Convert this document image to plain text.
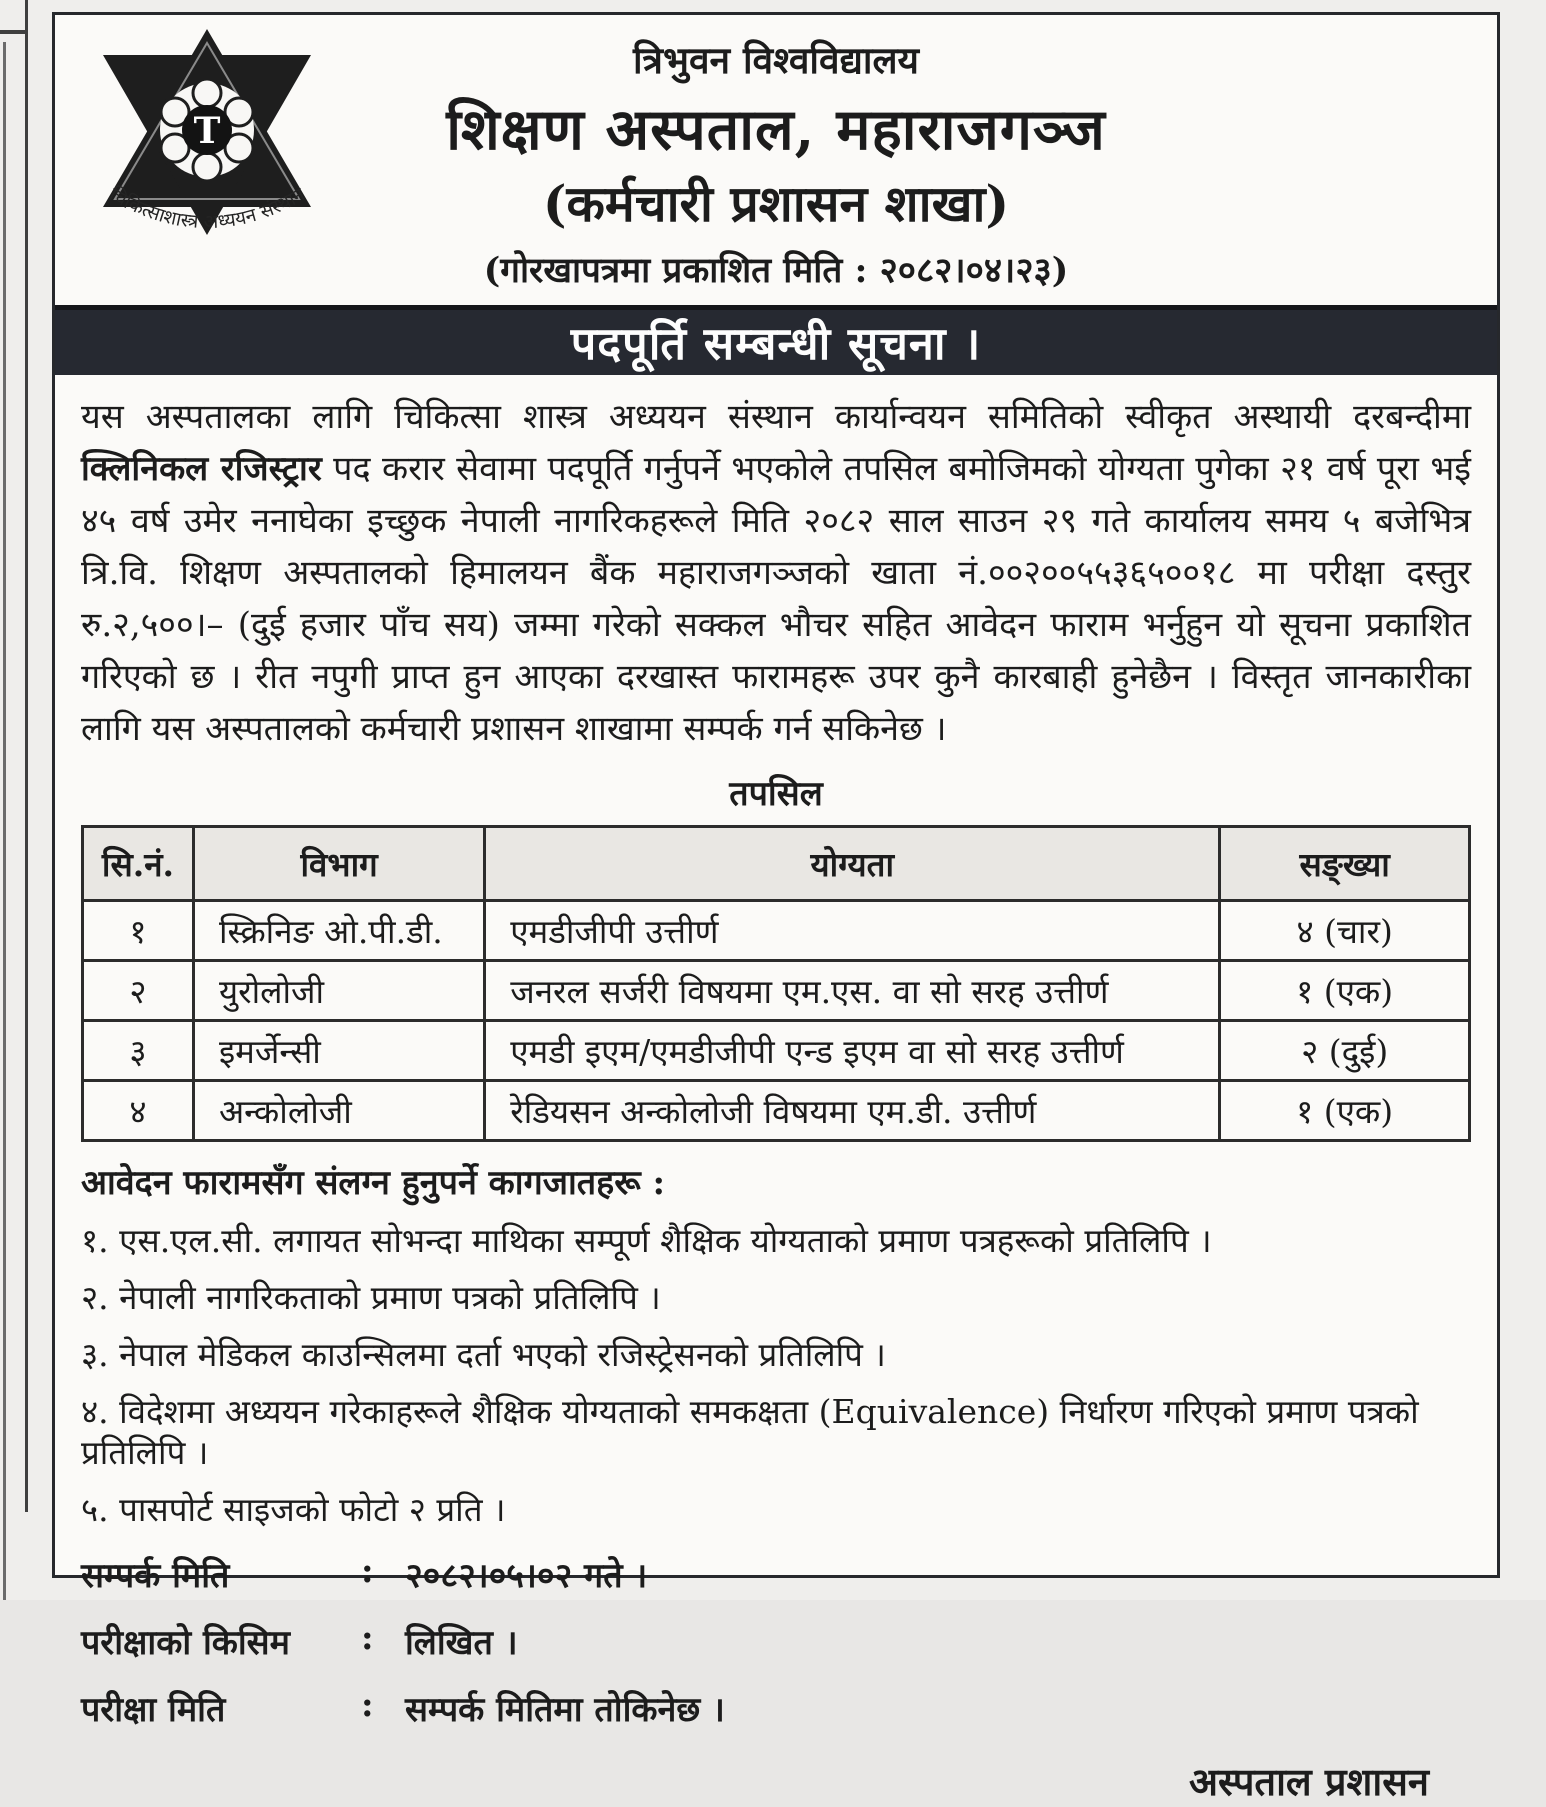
T
चिकित्साशास्त्र अध्ययन संस्थान
त्रिभुवन विश्वविद्यालय
शिक्षण अस्पताल, महाराजगञ्ज
(कर्मचारी प्रशासन शाखा)
(गोरखापत्रमा प्रकाशित मिति : २०८२।०४।२३)
पदपूर्ति सम्बन्धी सूचना ।
यस अस्पतालका लागि चिकित्सा शास्त्र अध्ययन संस्थान कार्यान्वयन समितिको स्वीकृत अस्थायी दरबन्दीमा क्लिनिकल रजिस्ट्रार पद करार सेवामा पदपूर्ति गर्नुपर्ने भएकोले तपसिल बमोजिमको योग्यता पुगेका २१ वर्ष पूरा भई ४५ वर्ष उमेर ननाघेका इच्छुक नेपाली नागरिकहरूले मिति २०८२ साल साउन २९ गते कार्यालय समय ५ बजेभित्र त्रि.वि. शिक्षण अस्पतालको हिमालयन बैंक महाराजगञ्जको खाता नं.००२००५५३६५००१८ मा परीक्षा दस्तुर रु.२,५००।– (दुई हजार पाँच सय) जम्मा गरेको सक्कल भौचर सहित आवेदन फाराम भर्नुहुन यो सूचना प्रकाशित गरिएको छ । रीत नपुगी प्राप्त हुन आएका दरखास्त फारामहरू उपर कुनै कारबाही हुनेछैन । विस्तृत जानकारीका लागि यस अस्पतालको कर्मचारी प्रशासन शाखामा सम्पर्क गर्न सकिनेछ ।
तपसिल
सि.नं.	विभाग	योग्यता	सङ्ख्या
१	स्क्रिनिङ ओ.पी.डी.	एमडीजीपी उत्तीर्ण	४ (चार)
२	युरोलोजी	जनरल सर्जरी विषयमा एम.एस. वा सो सरह उत्तीर्ण	१ (एक)
३	इमर्जेन्सी	एमडी इएम/एमडीजीपी एन्ड इएम वा सो सरह उत्तीर्ण	२ (दुई)
४	अन्कोलोजी	रेडियसन अन्कोलोजी विषयमा एम.डी. उत्तीर्ण	१ (एक)
आवेदन फारामसँग संलग्न हुनुपर्ने कागजातहरू :
१. एस.एल.सी. लगायत सोभन्दा माथिका सम्पूर्ण शैक्षिक योग्यताको प्रमाण पत्रहरूको प्रतिलिपि ।
२. नेपाली नागरिकताको प्रमाण पत्रको प्रतिलिपि ।
३. नेपाल मेडिकल काउन्सिलमा दर्ता भएको रजिस्ट्रेसनको प्रतिलिपि ।
४. विदेशमा अध्ययन गरेकाहरूले शैक्षिक योग्यताको समकक्षता (Equivalence) निर्धारण गरिएको प्रमाण पत्रको प्रतिलिपि ।
५. पासपोर्ट साइजको फोटो २ प्रति ।
सम्पर्क मिति	: २०८२।०५।०२ गते ।
परीक्षाको किसिम	: लिखित ।
परीक्षा मिति	: सम्पर्क मितिमा तोकिनेछ ।
अस्पताल प्रशासन
